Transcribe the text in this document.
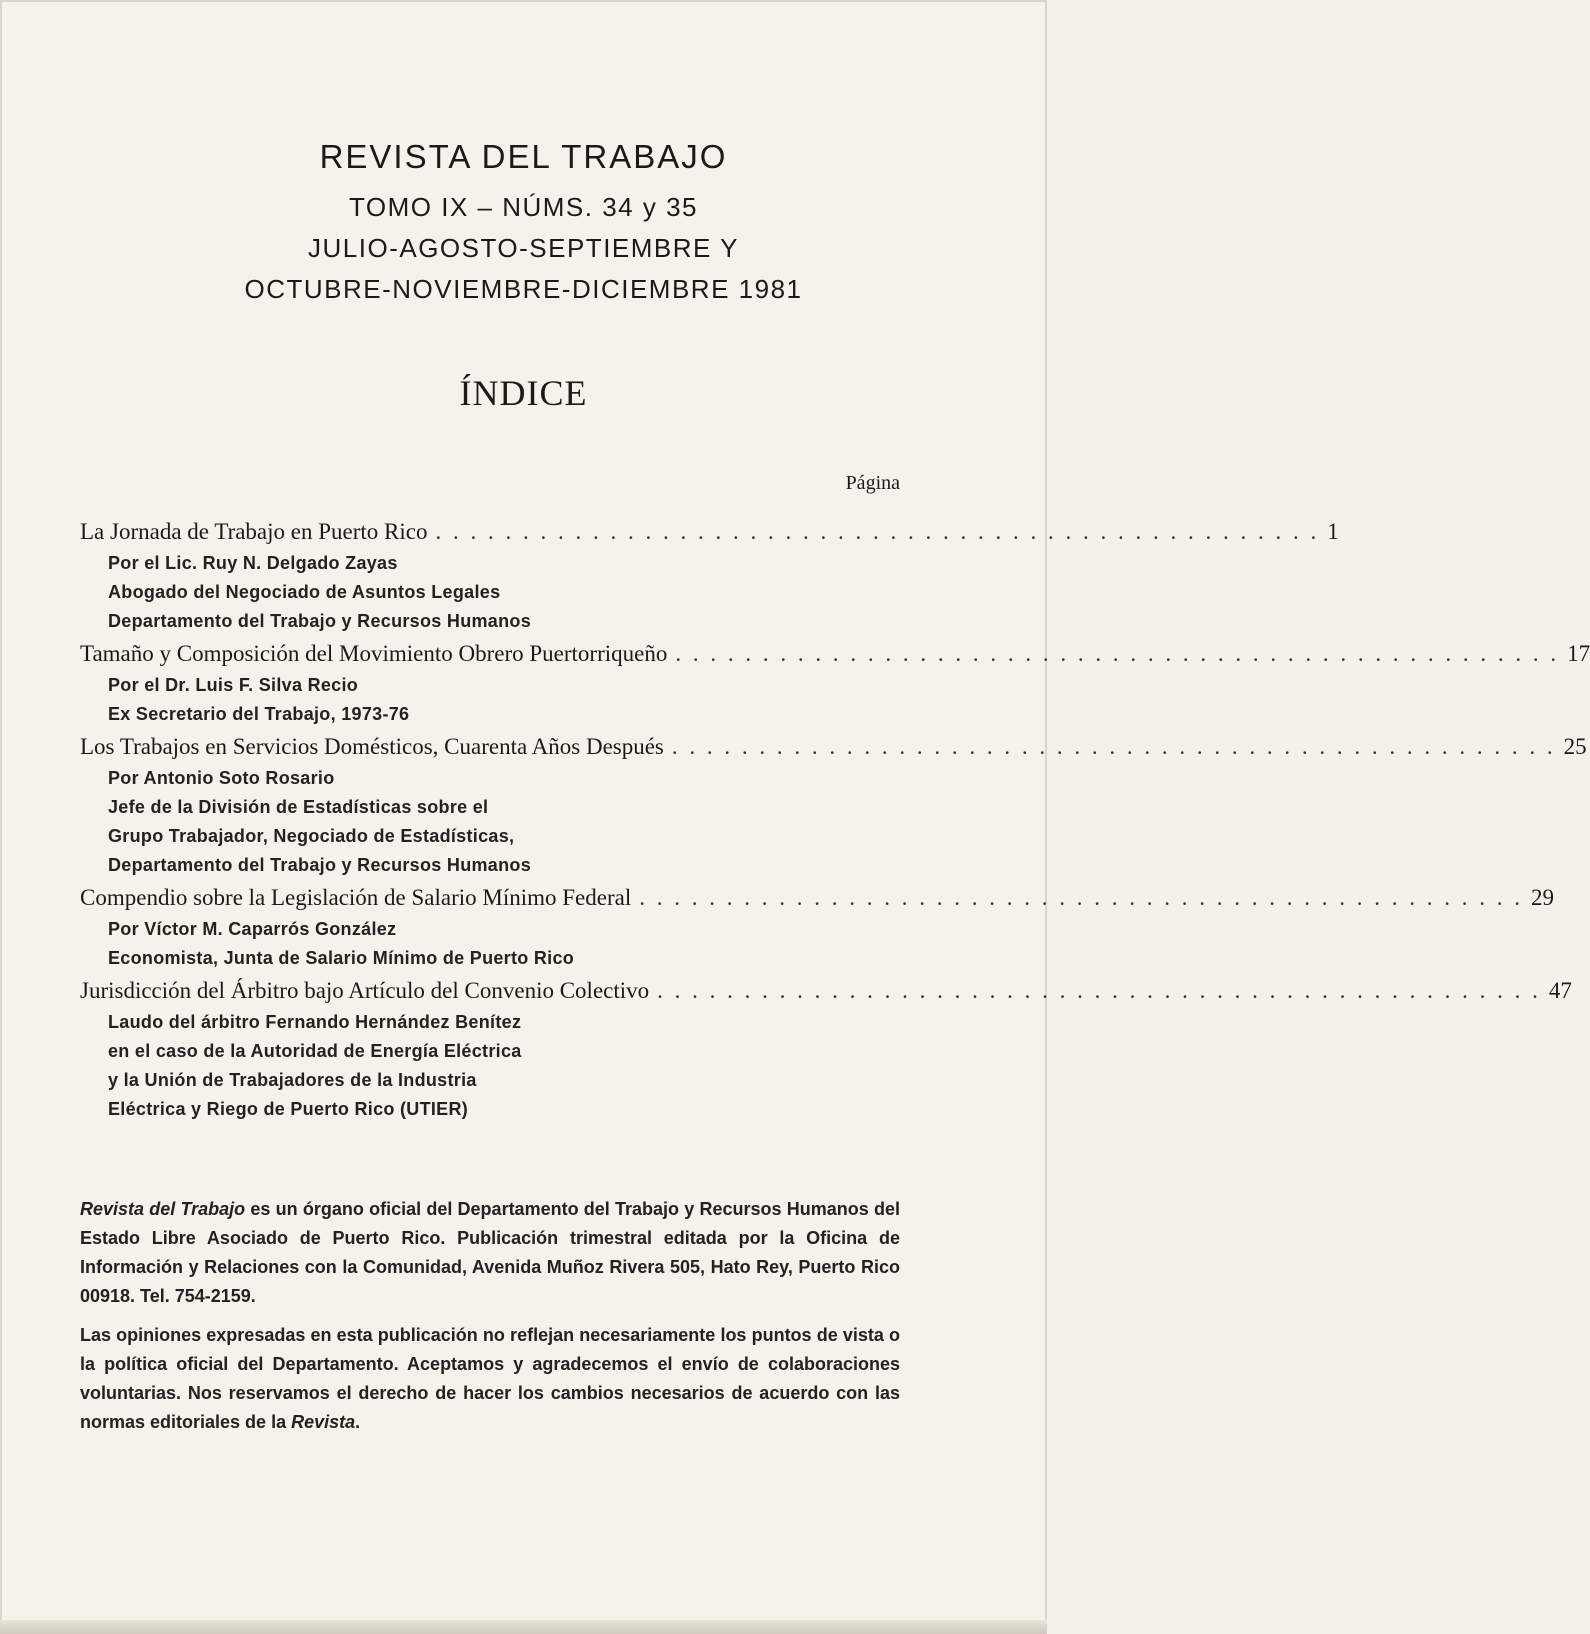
REVISTA DEL TRABAJO
TOMO IX – NÚMS. 34 y 35
JULIO-AGOSTO-SEPTIEMBRE Y
OCTUBRE-NOVIEMBRE-DICIEMBRE 1981
ÍNDICE
Página
La Jornada de Trabajo en Puerto Rico . . . . . . . . . . . . . . . . . . . . . . . . . . . . . . . . . . . . . . . . . . . . . . . . . . . 1
Por el Lic. Ruy N. Delgado Zayas
Abogado del Negociado de Asuntos Legales
Departamento del Trabajo y Recursos Humanos
Tamaño y Composición del Movimiento Obrero Puertorriqueño . . . . . . . . . . . . . . . . . . . . . . . . . . . . . . . . . . . . . . . . . . . . . . . . . . . 17
Por el Dr. Luis F. Silva Recio
Ex Secretario del Trabajo, 1973-76
Los Trabajos en Servicios Domésticos, Cuarenta Años Después . . . . . . . . . . . . . . . . . . . . . . . . . . . . . . . . . . . . . . . . . . . . . . . . . . . 25
Por Antonio Soto Rosario
Jefe de la División de Estadísticas sobre el
Grupo Trabajador, Negociado de Estadísticas,
Departamento del Trabajo y Recursos Humanos
Compendio sobre la Legislación de Salario Mínimo Federal . . . . . . . . . . . . . . . . . . . . . . . . . . . . . . . . . . . . . . . . . . . . . . . . . . . 29
Por Víctor M. Caparrós González
Economista, Junta de Salario Mínimo de Puerto Rico
Jurisdicción del Árbitro bajo Artículo del Convenio Colectivo . . . . . . . . . . . . . . . . . . . . . . . . . . . . . . . . . . . . . . . . . . . . . . . . . . . 47
Laudo del árbitro Fernando Hernández Benítez
en el caso de la Autoridad de Energía Eléctrica
y la Unión de Trabajadores de la Industria
Eléctrica y Riego de Puerto Rico (UTIER)

Revista del Trabajo es un órgano oficial del Departamento del Trabajo y Recursos Humanos del Estado Libre Asociado de Puerto Rico. Publicación trimestral editada por la Oficina de Información y Relaciones con la Comunidad, Avenida Muñoz Rivera 505, Hato Rey, Puerto Rico 00918. Tel. 754-2159.

Las opiniones expresadas en esta publicación no reflejan necesariamente los puntos de vista o la política oficial del Departamento. Aceptamos y agradecemos el envío de colaboraciones voluntarias. Nos reservamos el derecho de hacer los cambios necesarios de acuerdo con las normas editoriales de la Revista.
